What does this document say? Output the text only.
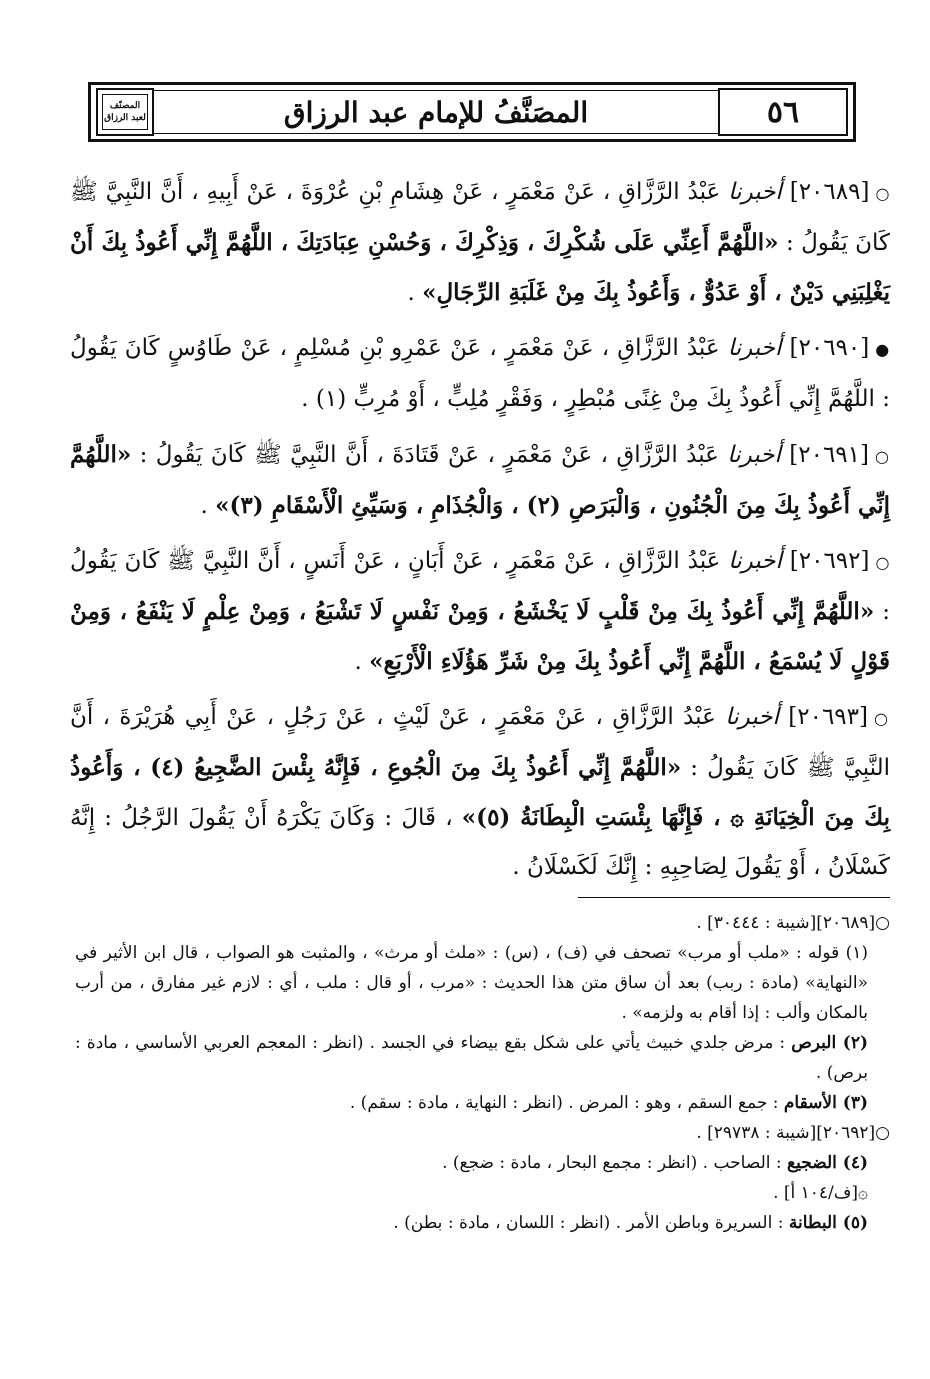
٥٦
المصَنَّفُ للإمام عبد الرزاق
المصنّف لعبد الرزاق

○[٢٠٦٨٩] أخبرنا عَبْدُ الرَّزَّاقِ ، عَنْ مَعْمَرٍ ، عَنْ هِشَامِ بْنِ عُرْوَةَ ، عَنْ أَبِيهِ ، أَنَّ النَّبِيَّ ﷺ كَانَ يَقُولُ : «اللَّهُمَّ أَعِنِّي عَلَى شُكْرِكَ ، وَذِكْرِكَ ، وَحُسْنِ عِبَادَتِكَ ، اللَّهُمَّ إِنِّي أَعُوذُ بِكَ أَنْ يَغْلِبَنِي دَيْنٌ ، أَوْ عَدُوٌّ ، وَأَعُوذُ بِكَ مِنْ غَلَبَةِ الرِّجَالِ» .

●[٢٠٦٩٠] أخبرنا عَبْدُ الرَّزَّاقِ ، عَنْ مَعْمَرٍ ، عَنْ عَمْرِو بْنِ مُسْلِمٍ ، عَنْ طَاوُسٍ كَانَ يَقُولُ : اللَّهُمَّ إِنِّي أَعُوذُ بِكَ مِنْ غِنًى مُبْطِرٍ ، وَفَقْرٍ مُلِبٍّ ، أَوْ مُرِبٍّ (١) .

○[٢٠٦٩١] أخبرنا عَبْدُ الرَّزَّاقِ ، عَنْ مَعْمَرٍ ، عَنْ قَتَادَةَ ، أَنَّ النَّبِيَّ ﷺ كَانَ يَقُولُ : «اللَّهُمَّ إِنِّي أَعُوذُ بِكَ مِنَ الْجُنُونِ ، وَالْبَرَصِ (٢) ، وَالْجُذَامِ ، وَسَيِّئِ الْأَسْقَامِ (٣)» .

○[٢٠٦٩٢] أخبرنا عَبْدُ الرَّزَّاقِ ، عَنْ مَعْمَرٍ ، عَنْ أَبَانٍ ، عَنْ أَنَسٍ ، أَنَّ النَّبِيَّ ﷺ كَانَ يَقُولُ : «اللَّهُمَّ إِنِّي أَعُوذُ بِكَ مِنْ قَلْبٍ لَا يَخْشَعُ ، وَمِنْ نَفْسٍ لَا تَشْبَعُ ، وَمِنْ عِلْمٍ لَا يَنْفَعُ ، وَمِنْ قَوْلٍ لَا يُسْمَعُ ، اللَّهُمَّ إِنِّي أَعُوذُ بِكَ مِنْ شَرِّ هَؤُلَاءِ الْأَرْبَعِ» .

○[٢٠٦٩٣] أخبرنا عَبْدُ الرَّزَّاقِ ، عَنْ مَعْمَرٍ ، عَنْ لَيْثٍ ، عَنْ رَجُلٍ ، عَنْ أَبِي هُرَيْرَةَ ، أَنَّ النَّبِيَّ ﷺ كَانَ يَقُولُ : «اللَّهُمَّ إِنِّي أَعُوذُ بِكَ مِنَ الْجُوعِ ، فَإِنَّهُ بِئْسَ الضَّجِيعُ (٤) ، وَأَعُوذُ بِكَ مِنَ الْخِيَانَةِ ۞ ، فَإِنَّهَا بِئْسَتِ الْبِطَانَةُ (٥)» ، قَالَ : وَكَانَ يَكْرَهُ أَنْ يَقُولَ الرَّجُلُ : إِنَّهُ كَسْلَانُ ، أَوْ يَقُولَ لِصَاحِبِهِ : إِنَّكَ لَكَسْلَانُ .

○[٢٠٦٨٩][شيبة : ٣٠٤٤٤] .

(١) قوله : «ملب أو مرب» تصحف في (ف) ، (س) : «ملث أو مرث» ، والمثبت هو الصواب ، قال ابن الأثير في «النهاية» (مادة : ربب) بعد أن ساق متن هذا الحديث : «مرب ، أو قال : ملب ، أي : لازم غير مفارق ، من أرب بالمكان وألب : إذا أقام به ولزمه» .

(٢) البرص : مرض جلدي خبيث يأتي على شكل بقع بيضاء في الجسد . (انظر : المعجم العربي الأساسي ، مادة : برص) .

(٣) الأسقام : جمع السقم ، وهو : المرض . (انظر : النهاية ، مادة : سقم) .

○[٢٠٦٩٢][شيبة : ٢٩٧٣٨] .

(٤) الضجيع : الصاحب . (انظر : مجمع البحار ، مادة : ضجع) .

۞[ف/١٠٤ أ] .

(٥) البطانة : السريرة وباطن الأمر . (انظر : اللسان ، مادة : بطن) .
